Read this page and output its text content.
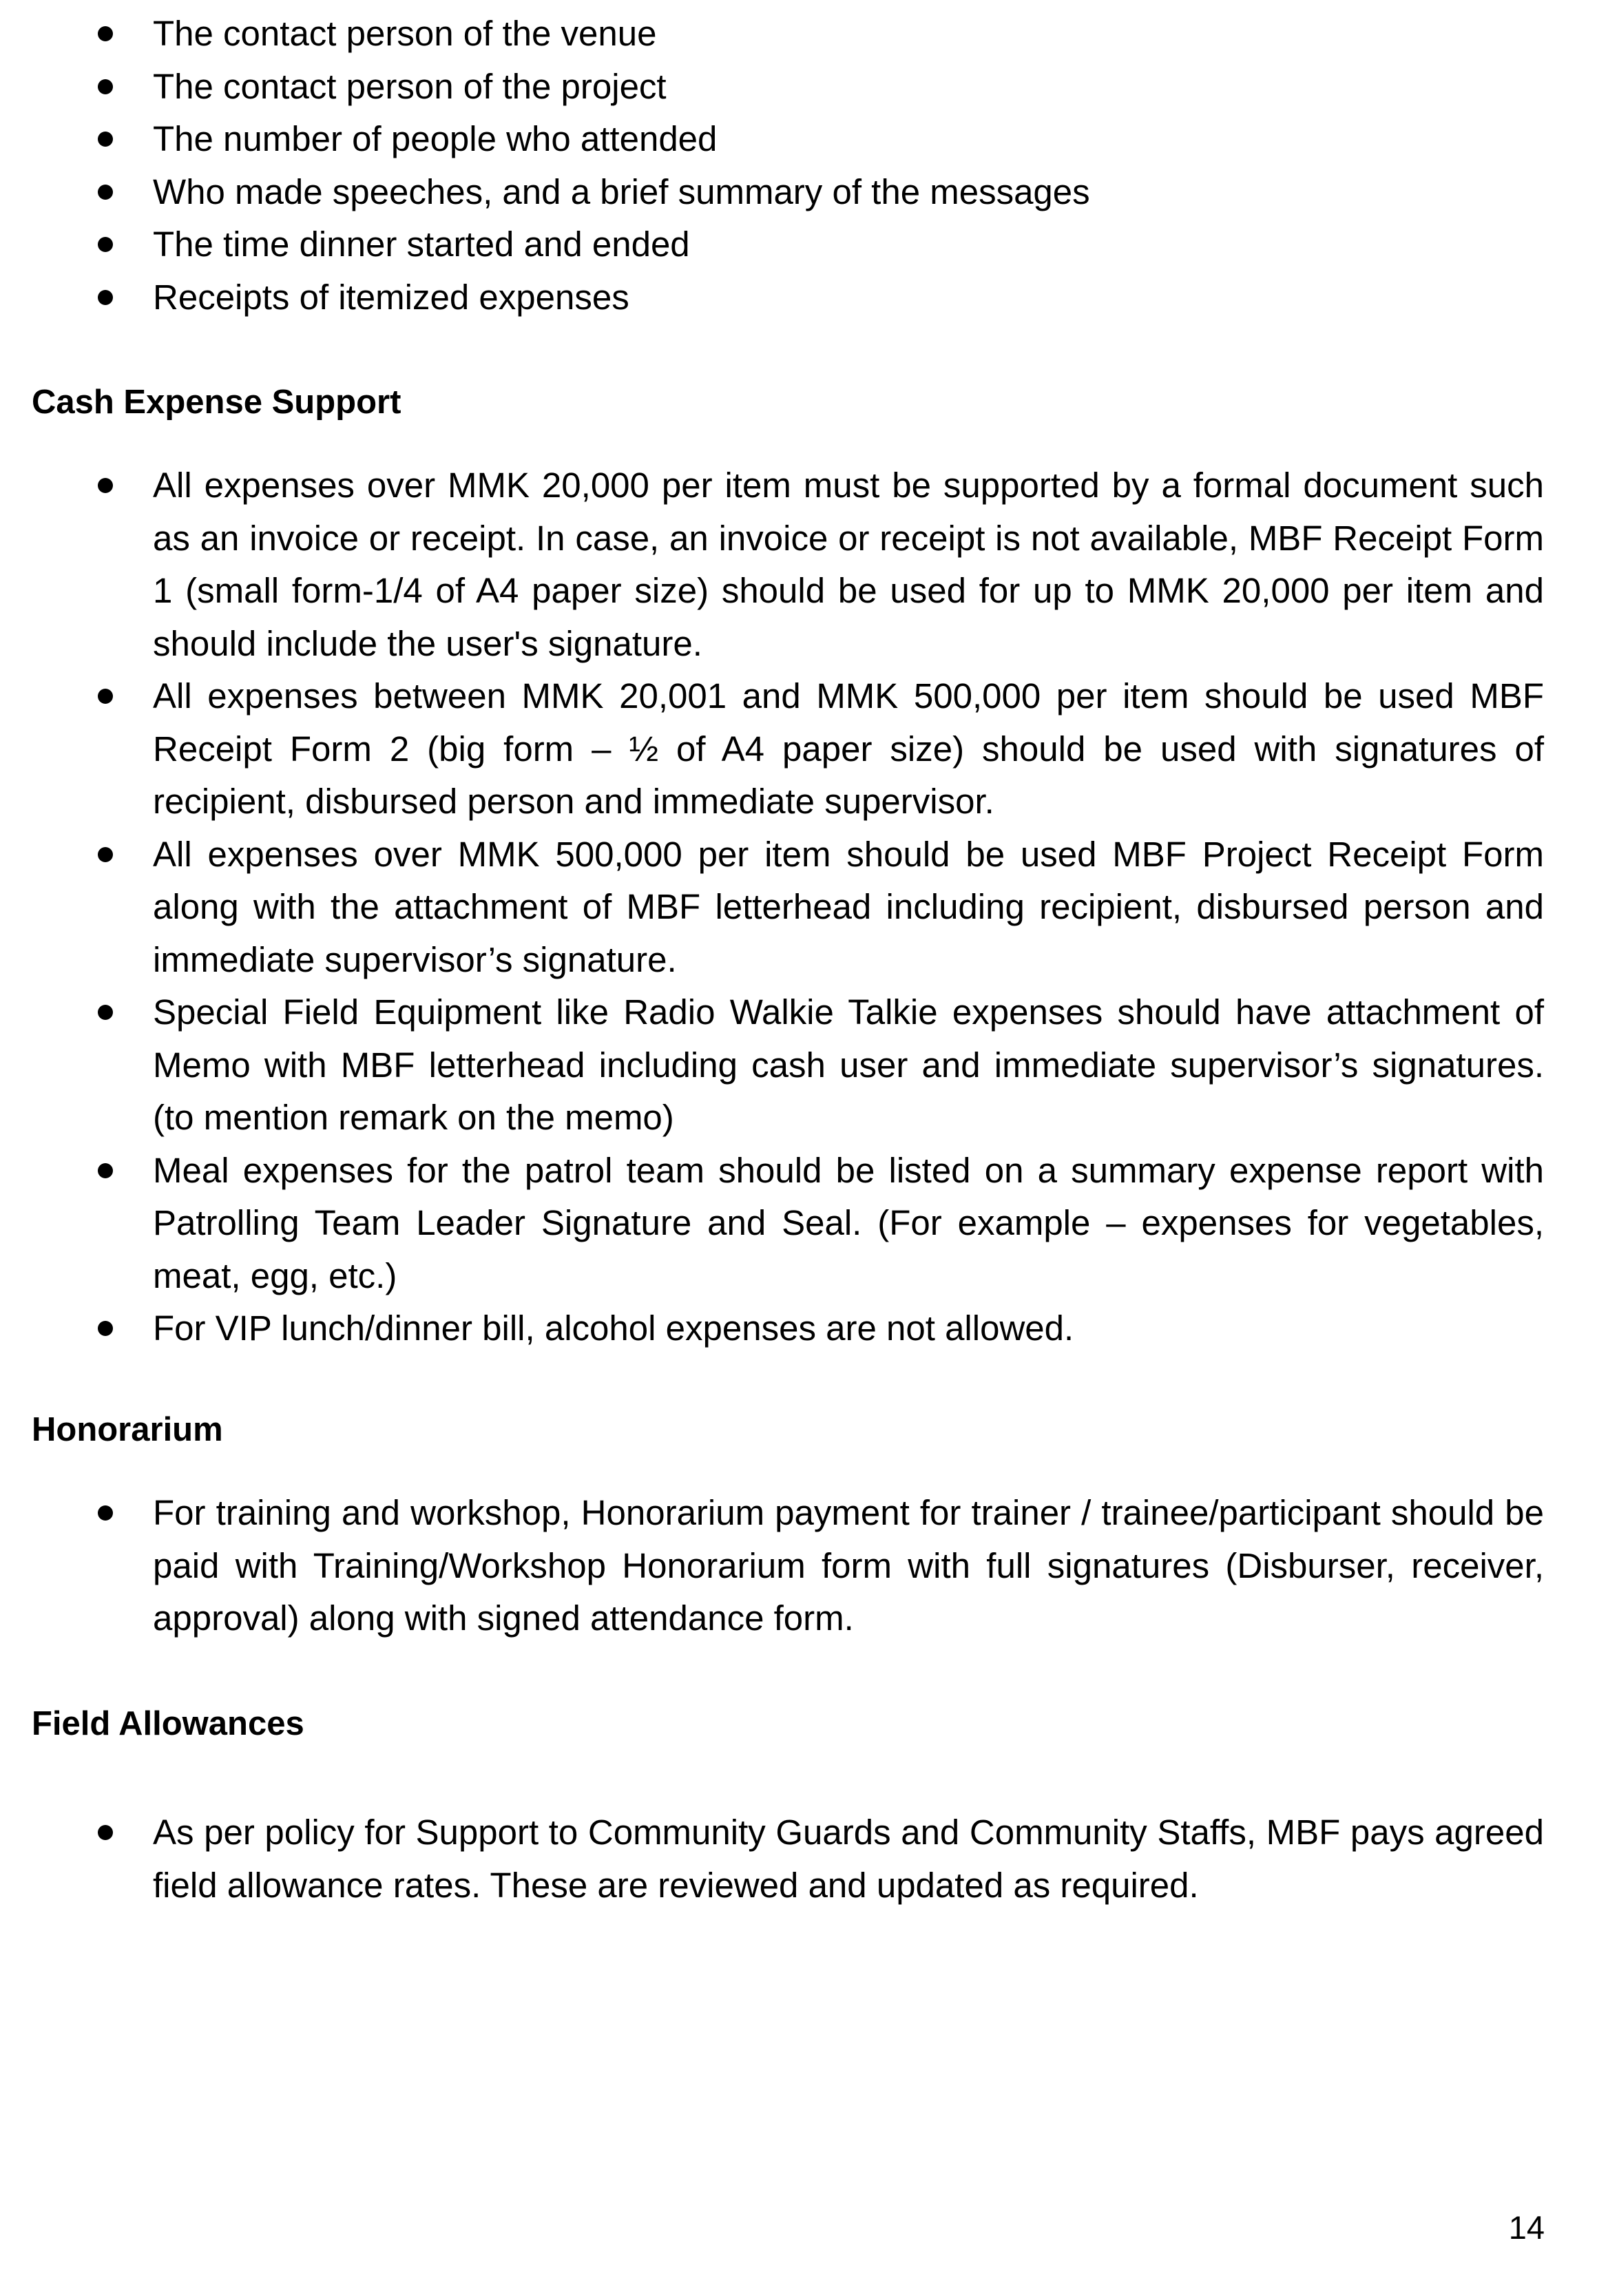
The contact person of the venue
The contact person of the project
The number of people who attended
Who made speeches, and a brief summary of the messages
The time dinner started and ended
Receipts of itemized expenses
Cash Expense Support
All expenses over MMK 20,000 per item must be supported by a formal document such as an invoice or receipt. In case, an invoice or receipt is not available, MBF Receipt Form 1 (small form-1/4 of A4 paper size) should be used for up to MMK 20,000 per item and should include the user's signature.
All expenses between MMK 20,001 and MMK 500,000 per item should be used MBF Receipt Form 2 (big form – ½ of A4 paper size) should be used with signatures of recipient, disbursed person and immediate supervisor.
All expenses over MMK 500,000 per item should be used MBF Project Receipt Form along with the attachment of MBF letterhead including recipient, disbursed person and immediate supervisor’s signature.
Special Field Equipment like Radio Walkie Talkie expenses should have attachment of Memo with MBF letterhead including cash user and immediate supervisor’s signatures. (to mention remark on the memo)
Meal expenses for the patrol team should be listed on a summary expense report with Patrolling Team Leader Signature and Seal. (For example – expenses for vegetables, meat, egg, etc.)
For VIP lunch/dinner bill, alcohol expenses are not allowed.
Honorarium
For training and workshop, Honorarium payment for trainer / trainee/participant should be paid with Training/Workshop Honorarium form with full signatures (Disburser, receiver, approval) along with signed attendance form.
Field Allowances
As per policy for Support to Community Guards and Community Staffs, MBF pays agreed field allowance rates. These are reviewed and updated as required.
14
